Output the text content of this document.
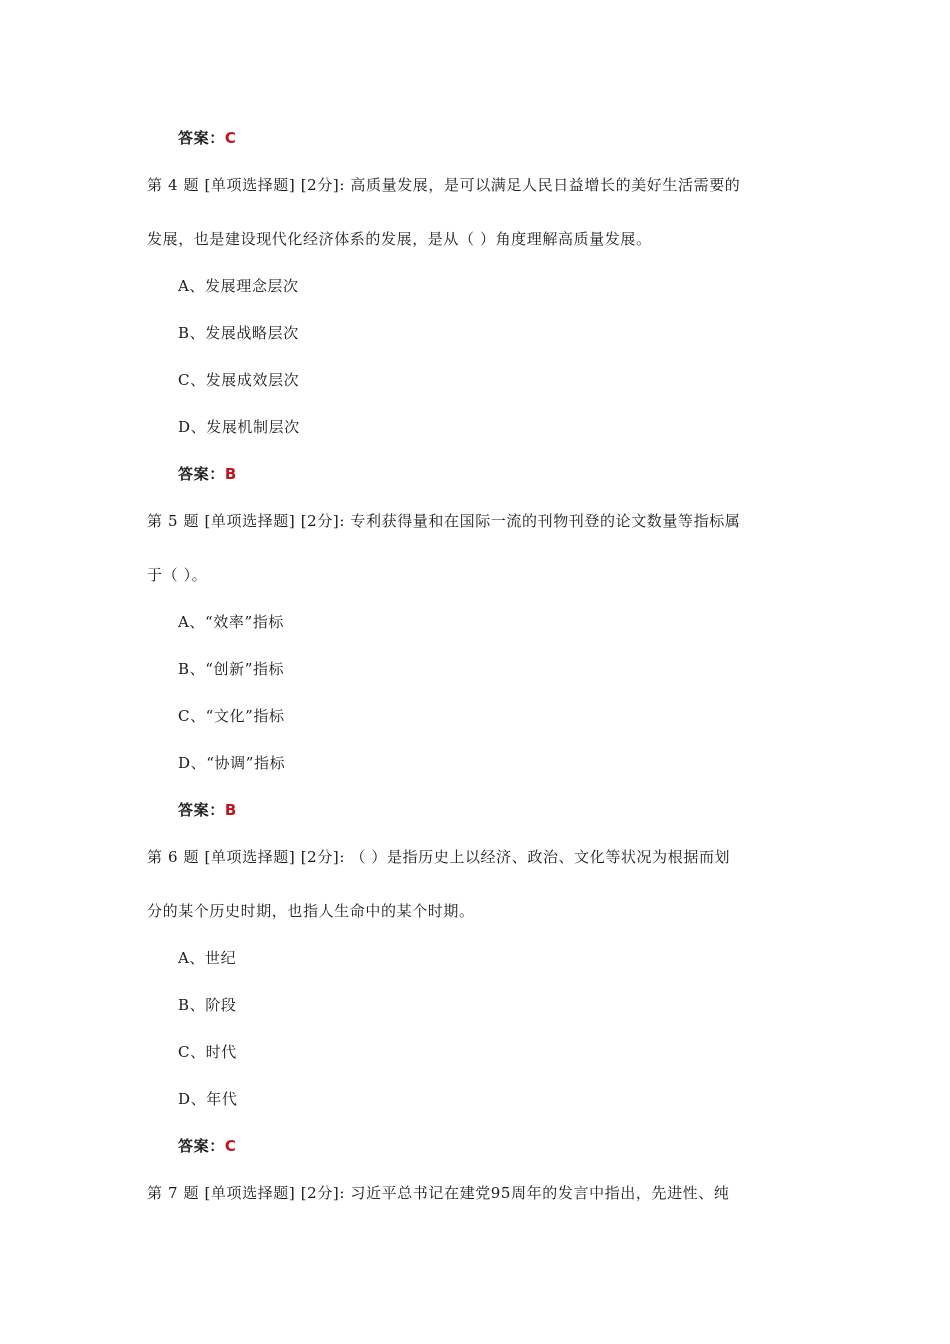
答案：C
第 4 题 [单项选择题] [2分]: 高质量发展，是可以满足人民日益增长的美好生活需要的
发展，也是建设现代化经济体系的发展，是从（ ）角度理解高质量发展。
A、发展理念层次
B、发展战略层次
C、发展成效层次
D、发展机制层次
答案：B
第 5 题 [单项选择题] [2分]: 专利获得量和在国际一流的刊物刊登的论文数量等指标属
于（ ）。
A、“效率”指标
B、“创新”指标
C、“文化”指标
D、“协调”指标
答案：B
第 6 题 [单项选择题] [2分]: （ ）是指历史上以经济、政治、文化等状况为根据而划
分的某个历史时期，也指人生命中的某个时期。
A、世纪
B、阶段
C、时代
D、年代
答案：C
第 7 题 [单项选择题] [2分]: 习近平总书记在建党95周年的发言中指出，先进性、纯
